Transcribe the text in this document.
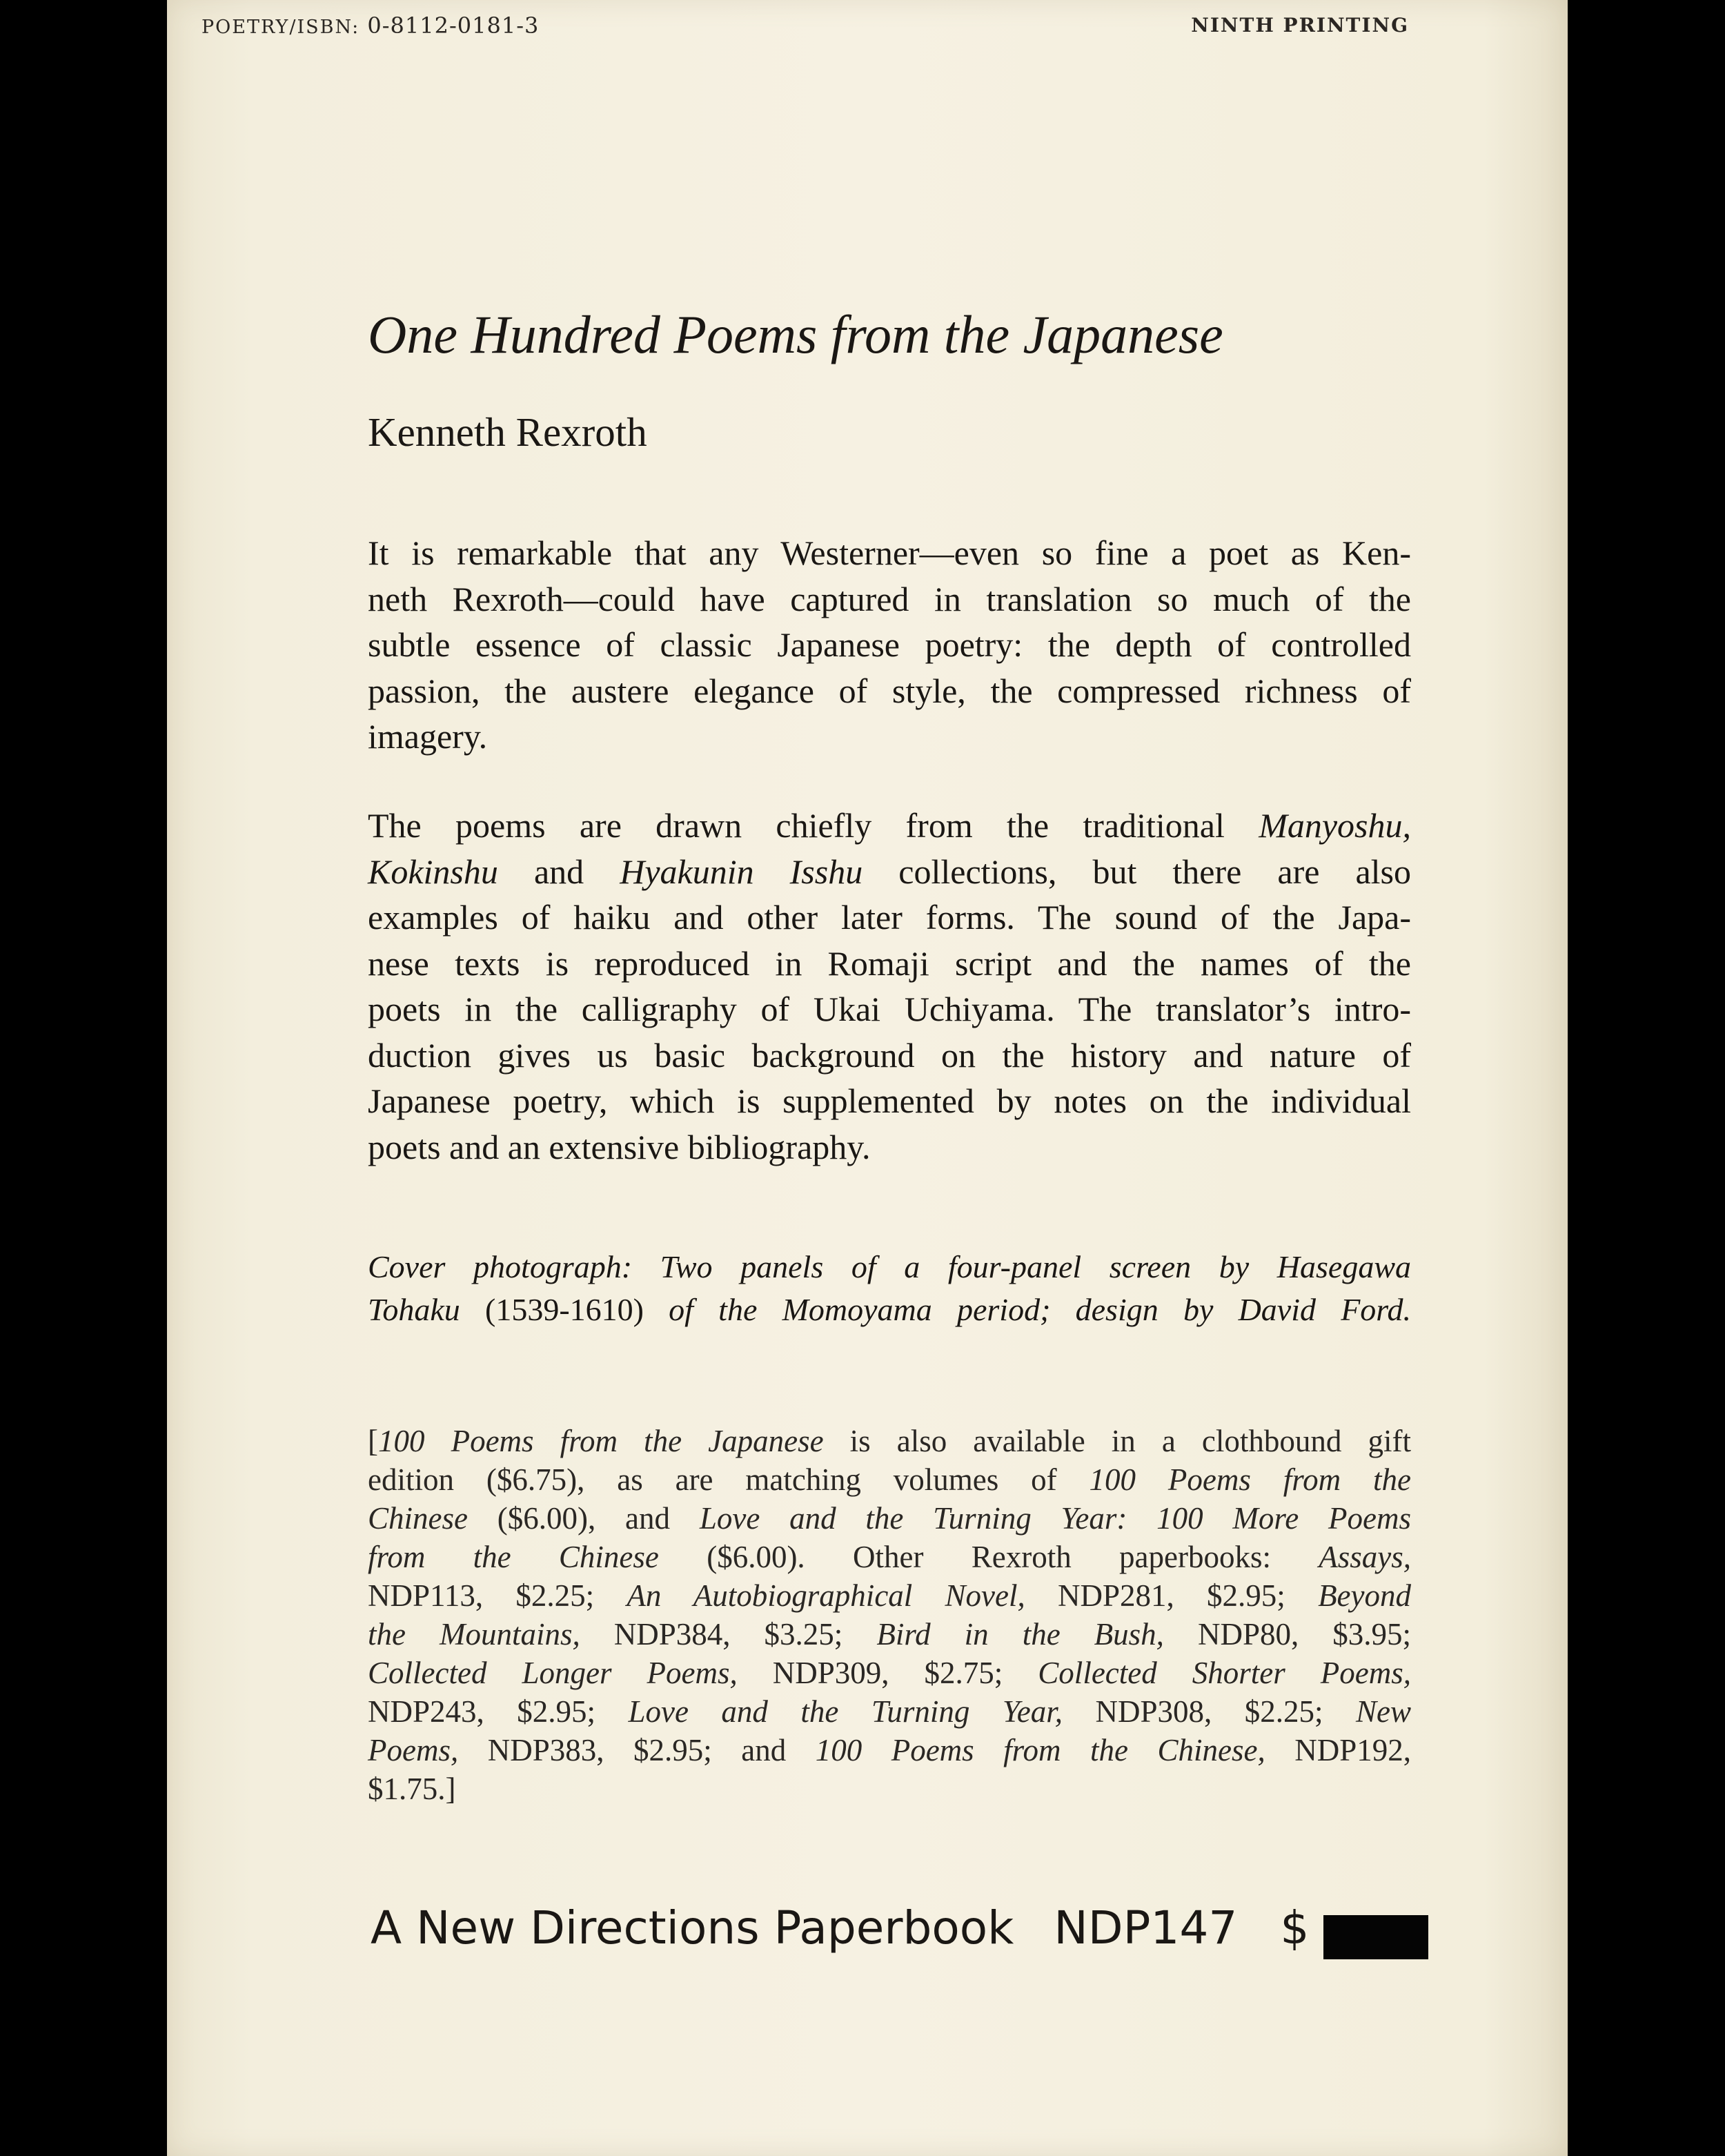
POETRY/ISBN: 0-8112-0181-3	NINTH PRINTING
One Hundred Poems from the Japanese
Kenneth Rexroth
It is remarkable that any Westerner—even so fine a poet as Ken-
neth Rexroth—could have captured in translation so much of the
subtle essence of classic Japanese poetry: the depth of controlled
passion, the austere elegance of style, the compressed richness of
imagery.
The poems are drawn chiefly from the traditional Manyoshu,
Kokinshu and Hyakunin Isshu collections, but there are also
examples of haiku and other later forms. The sound of the Japa-
nese texts is reproduced in Romaji script and the names of the
poets in the calligraphy of Ukai Uchiyama. The translator’s intro-
duction gives us basic background on the history and nature of
Japanese poetry, which is supplemented by notes on the individual
poets and an extensive bibliography.
Cover photograph: Two panels of a four-panel screen by Hasegawa
Tohaku (1539-1610) of the Momoyama period; design by David Ford.
[100 Poems from the Japanese is also available in a clothbound gift
edition ($6.75), as are matching volumes of 100 Poems from the
Chinese ($6.00), and Love and the Turning Year: 100 More Poems
from the Chinese ($6.00). Other Rexroth paperbooks: Assays,
NDP113, $2.25; An Autobiographical Novel, NDP281, $2.95; Beyond
the Mountains, NDP384, $3.25; Bird in the Bush, NDP80, $3.95;
Collected Longer Poems, NDP309, $2.75; Collected Shorter Poems,
NDP243, $2.95; Love and the Turning Year, NDP308, $2.25; New
Poems, NDP383, $2.95; and 100 Poems from the Chinese, NDP192,
$1.75.]
A New Directions Paperbook NDP147 $
